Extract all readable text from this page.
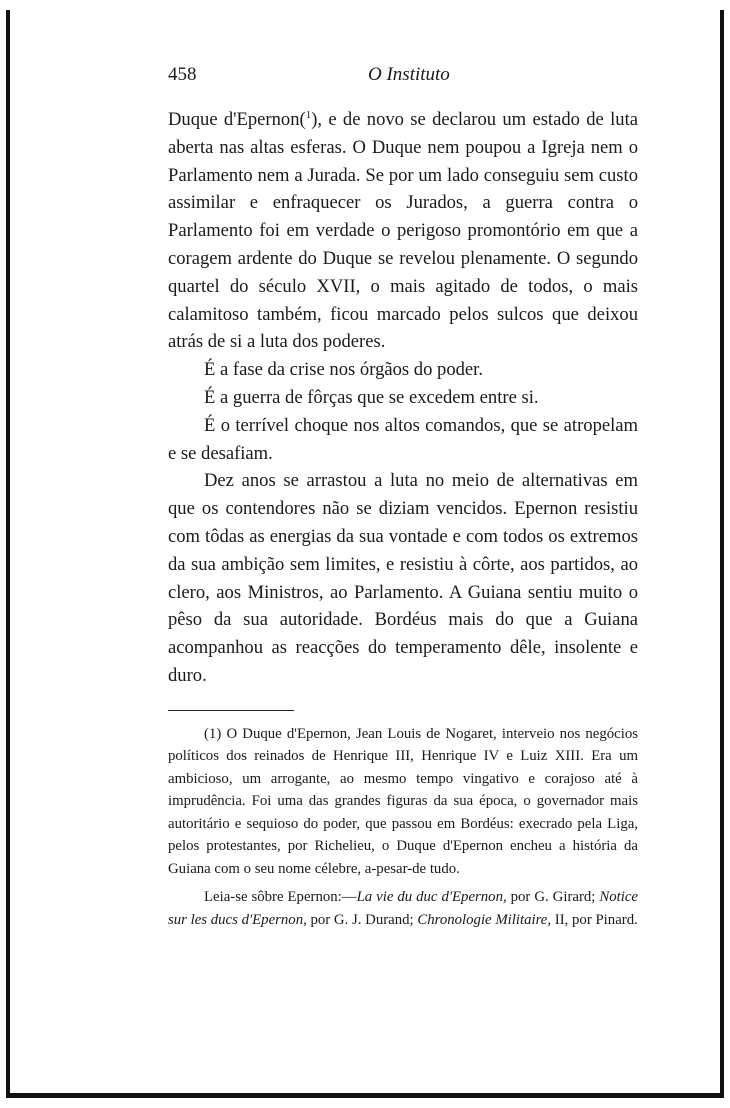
458	O Instituto

Duque d'Epernon($^1$), e de novo se declarou um estado de luta aberta nas altas esferas. O Duque nem poupou a Igreja nem o Parlamento nem a Jurada. Se por um lado conseguiu sem custo assimilar e enfraquecer os Jurados, a guerra contra o Parlamento foi em verdade o perigoso promontório em que a coragem ardente do Duque se revelou plenamente. O segundo quartel do século XVII, o mais agitado de todos, o mais calamitoso também, ficou marcado pelos sulcos que deixou atrás de si a luta dos poderes.

É a fase da crise nos órgãos do poder.

É a guerra de fôrças que se excedem entre si.

É o terrível choque nos altos comandos, que se atropelam e se desafiam.

Dez anos se arrastou a luta no meio de alternativas em que os contendores não se diziam vencidos. Epernon resistiu com tôdas as energias da sua vontade e com todos os extremos da sua ambição sem limites, e resistiu à côrte, aos partidos, ao clero, aos Ministros, ao Parlamento. A Guiana sentiu muito o pêso da sua autoridade. Bordéus mais do que a Guiana acompanhou as reacções do temperamento dêle, insolente e duro.

(1) O Duque d'Epernon, Jean Louis de Nogaret, interveio nos negócios políticos dos reinados de Henrique III, Henrique IV e Luiz XIII. Era um ambicioso, um arrogante, ao mesmo tempo vingativo e corajoso até à imprudência. Foi uma das grandes figuras da sua época, o governador mais autoritário e sequioso do poder, que passou em Bordéus: execrado pela Liga, pelos protestantes, por Richelieu, o Duque d'Epernon encheu a história da Guiana com o seu nome célebre, a-pesar-de tudo.

Leia-se sôbre Epernon:—La vie du duc d'Epernon, por G. Girard; Notice sur les ducs d'Epernon, por G. J. Durand; Chronologie Militaire, II, por Pinard.
